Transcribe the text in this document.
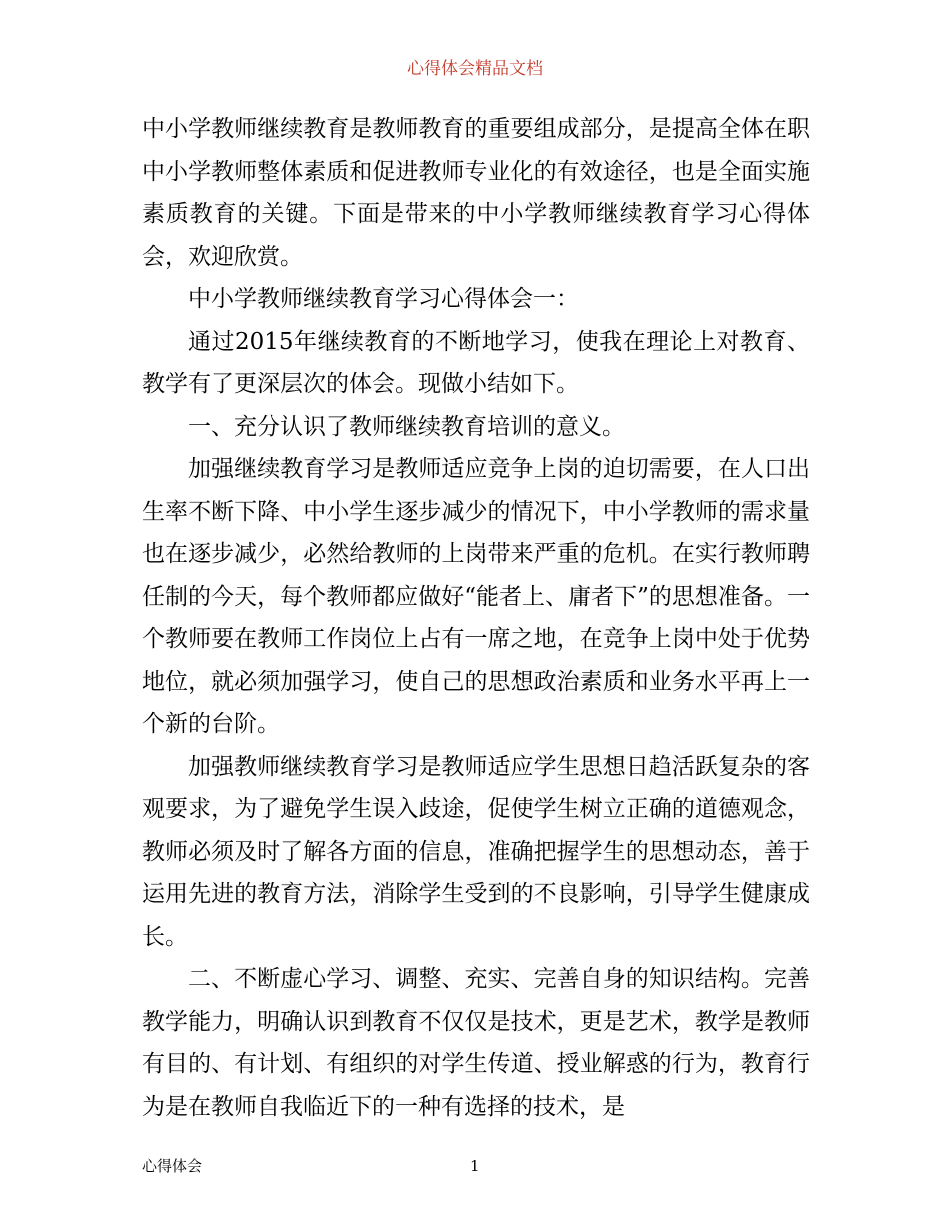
心得体会精品文档

中小学教师继续教育是教师教育的重要组成部分，是提高全体在职中小学教师整体素质和促进教师专业化的有效途径，也是全面实施素质教育的关键。下面是带来的中小学教师继续教育学习心得体会，欢迎欣赏。

中小学教师继续教育学习心得体会一：

通过2015年继续教育的不断地学习，使我在理论上对教育、教学有了更深层次的体会。现做小结如下。

一、充分认识了教师继续教育培训的意义。

加强继续教育学习是教师适应竞争上岗的迫切需要，在人口出生率不断下降、中小学生逐步减少的情况下，中小学教师的需求量也在逐步减少，必然给教师的上岗带来严重的危机。在实行教师聘任制的今天，每个教师都应做好“能者上、庸者下”的思想准备。一个教师要在教师工作岗位上占有一席之地，在竞争上岗中处于优势地位，就必须加强学习，使自己的思想政治素质和业务水平再上一个新的台阶。

加强教师继续教育学习是教师适应学生思想日趋活跃复杂的客观要求，为了避免学生误入歧途，促使学生树立正确的道德观念，教师必须及时了解各方面的信息，准确把握学生的思想动态，善于运用先进的教育方法，消除学生受到的不良影响，引导学生健康成长。

二、不断虚心学习、调整、充实、完善自身的知识结构。完善教学能力，明确认识到教育不仅仅是技术，更是艺术，教学是教师有目的、有计划、有组织的对学生传道、授业解惑的行为，教育行为是在教师自我临近下的一种有选择的技术，是

心得体会	1
